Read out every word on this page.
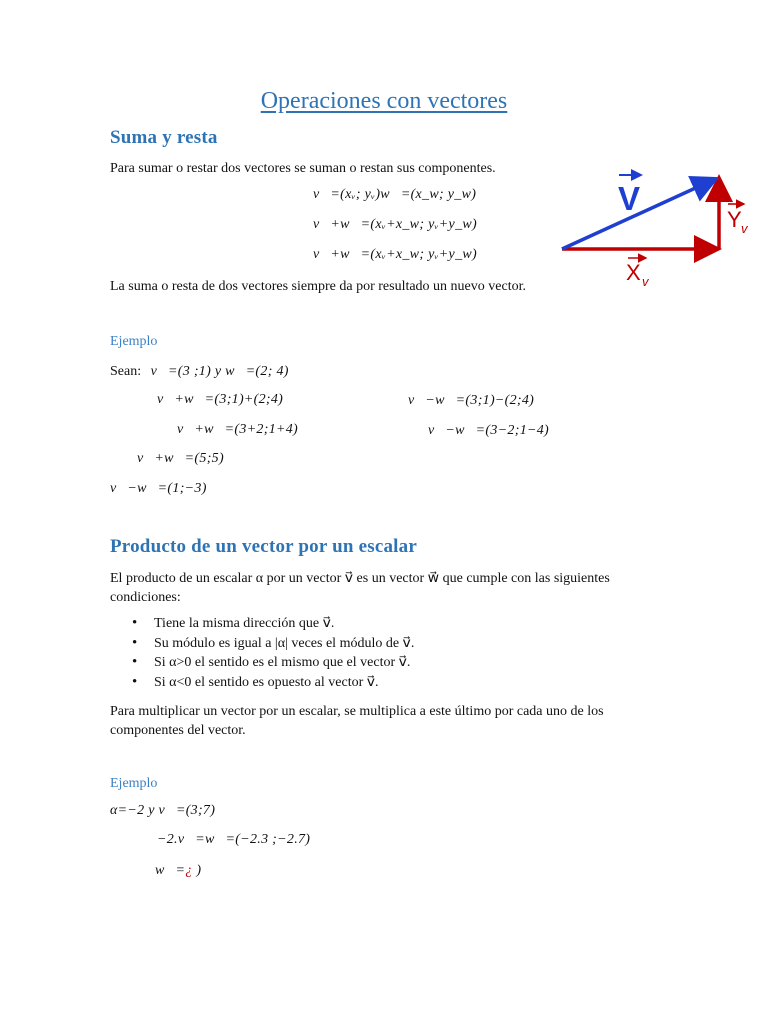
Operaciones con vectores
Suma y resta
Para sumar o restar dos vectores se suman o restan sus componentes.
v⃗=(xᵥ; yᵥ)w⃗=(x_w; y_w)
v⃗+w⃗=(xᵥ+x_w; yᵥ+y_w)
v⃗+w⃗=(xᵥ+x_w; yᵥ+y_w)
La suma o resta de dos vectores siempre da por resultado un nuevo vector.
V
Y v
X v
Ejemplo
Sean: v⃗=(3 ;1) y w⃗=(2; 4)
v⃗+w⃗=(3;1)+(2;4)
v⃗+w⃗=(3+2;1+4)
v⃗+w⃗=(5;5)
v⃗−w⃗=(3;1)−(2;4)
v⃗−w⃗=(3−2;1−4)
v⃗−w⃗=(1;−3)
Producto de un vector por un escalar
El producto de un escalar α por un vector v⃗ es un vector w⃗ que cumple con las siguientes condiciones:
• Tiene la misma dirección que v⃗.
• Su módulo es igual a |α| veces el módulo de v⃗.
• Si α>0 el sentido es el mismo que el vector v⃗.
• Si α<0 el sentido es opuesto al vector v⃗.
Para multiplicar un vector por un escalar, se multiplica a este último por cada uno de los componentes del vector.
Ejemplo
α=−2 y v⃗=(3;7)
−2.v⃗=w⃗=(−2.3 ;−2.7)
w⃗=¿ )
